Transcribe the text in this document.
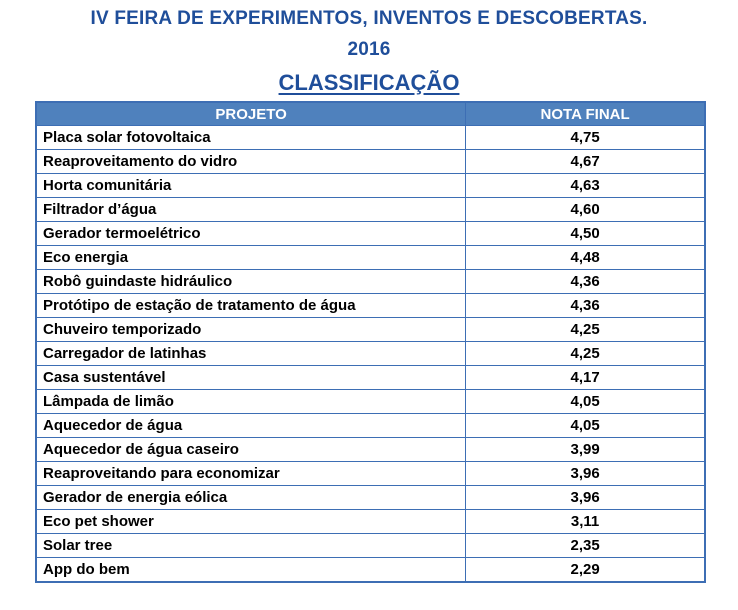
IV FEIRA DE EXPERIMENTOS, INVENTOS E DESCOBERTAS.
2016
CLASSIFICAÇÃO
PROJETO	NOTA FINAL
Placa solar fotovoltaica	4,75
Reaproveitamento do vidro	4,67
Horta comunitária	4,63
Filtrador d’água	4,60
Gerador termoelétrico	4,50
Eco energia	4,48
Robô guindaste hidráulico	4,36
Protótipo de estação de tratamento de água	4,36
Chuveiro temporizado	4,25
Carregador de latinhas	4,25
Casa sustentável	4,17
Lâmpada de limão	4,05
Aquecedor de água	4,05
Aquecedor de água caseiro	3,99
Reaproveitando para economizar	3,96
Gerador de energia eólica	3,96
Eco pet shower	3,11
Solar tree	2,35
App do bem	2,29
